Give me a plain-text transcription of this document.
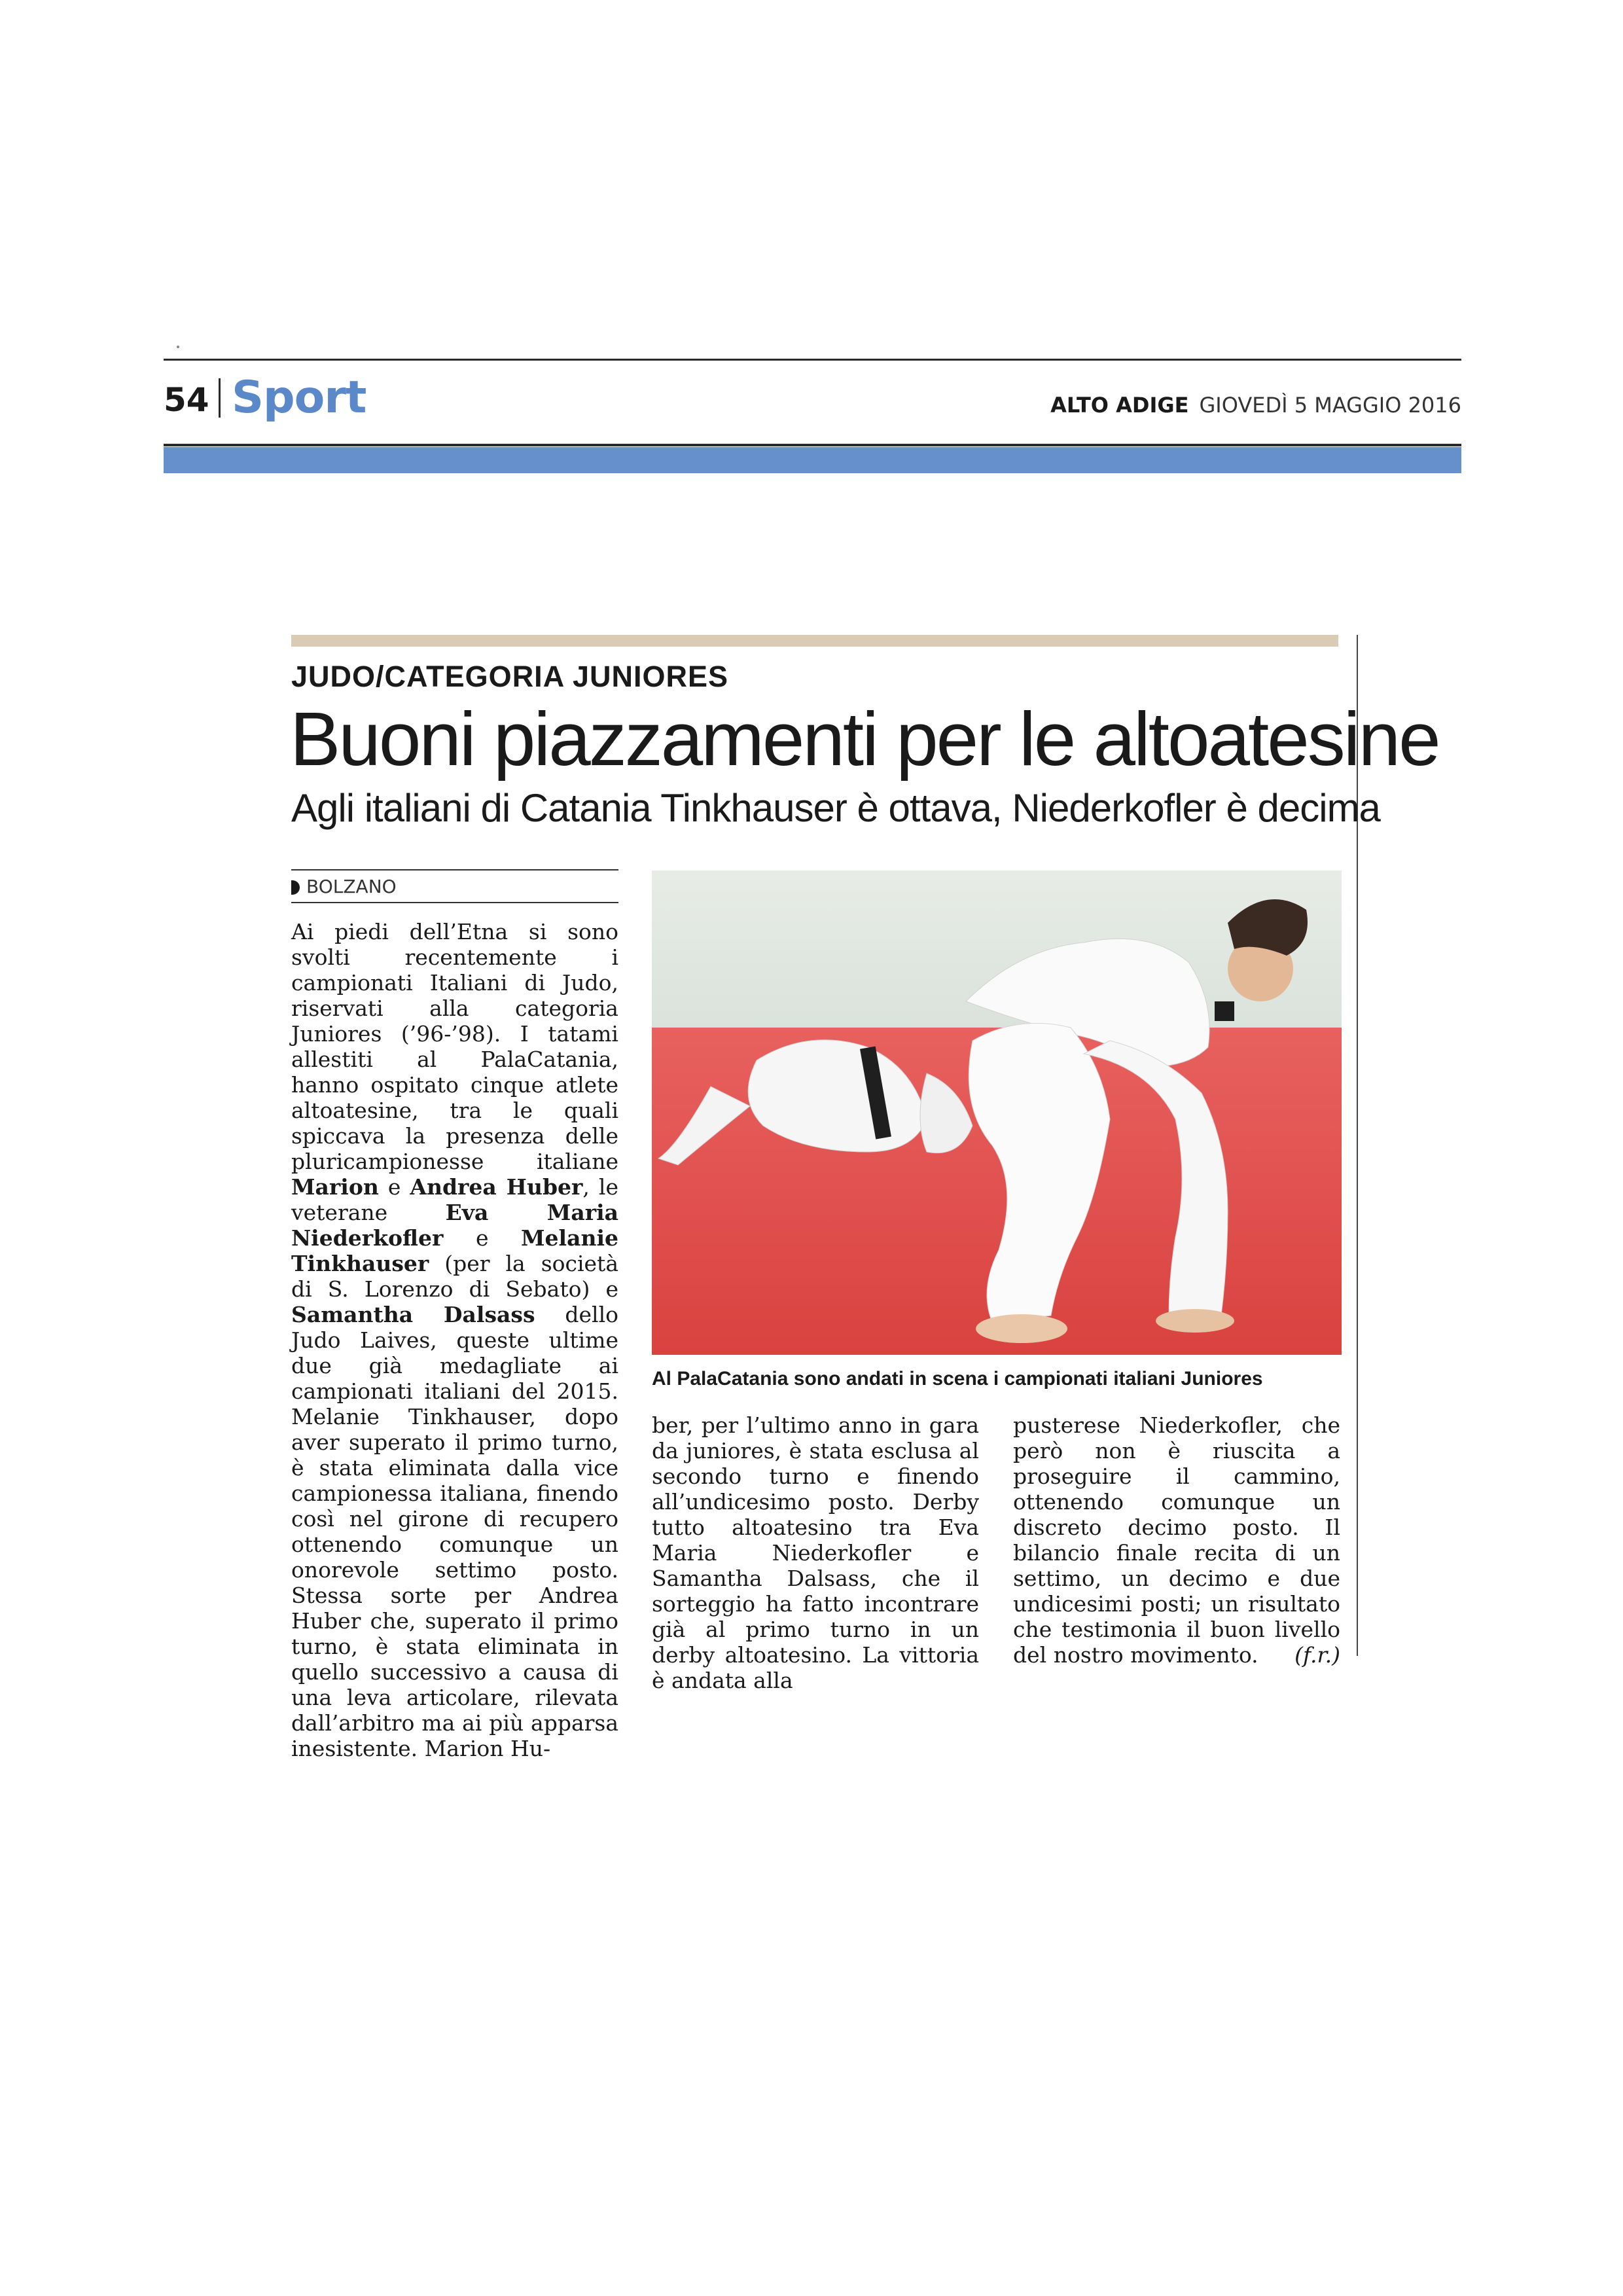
54 Sport	ALTO ADIGE GIOVEDÌ 5 MAGGIO 2016
JUDO/CATEGORIA JUNIORES
Buoni piazzamenti per le altoatesine
Agli italiani di Catania Tinkhauser è ottava, Niederkofler è decima
BOLZANO

Ai piedi dell’Etna si sono svolti recentemente i campionati Italiani di Judo, riservati alla categoria Juniores (’96-’98). I tatami allestiti al PalaCatania, hanno ospitato cinque atlete altoatesine, tra le quali spiccava la presenza delle pluricampionesse italiane Marion e Andrea Huber, le veterane Eva Maria Niederkofler e Melanie Tinkhauser (per la società di S. Lorenzo di Sebato) e Samantha Dalsass dello Judo Laives, queste ultime due già medagliate ai campionati italiani del 2015. Melanie Tinkhauser, dopo aver superato il primo turno, è stata eliminata dalla vice campionessa italiana, finendo così nel girone di recupero ottenendo comunque un onorevole settimo posto. Stessa sorte per Andrea Huber che, superato il primo turno, è stata eliminata in quello successivo a causa di una leva articolare, rilevata dall’arbitro ma ai più apparsa inesistente. Marion Hu-

Al PalaCatania sono andati in scena i campionati italiani Juniores

ber, per l’ultimo anno in gara da juniores, è stata esclusa al secondo turno e finendo all’undicesimo posto. Derby tutto altoatesino tra Eva Maria Niederkofler e Samantha Dalsass, che il sorteggio ha fatto incontrare già al primo turno in un derby altoatesino. La vittoria è andata alla

pusterese Niederkofler, che però non è riuscita a proseguire il cammino, ottenendo comunque un discreto decimo posto. Il bilancio finale recita di un settimo, un decimo e due undicesimi posti; un risultato che testimonia il buon livello del nostro movimento. (f.r.)
